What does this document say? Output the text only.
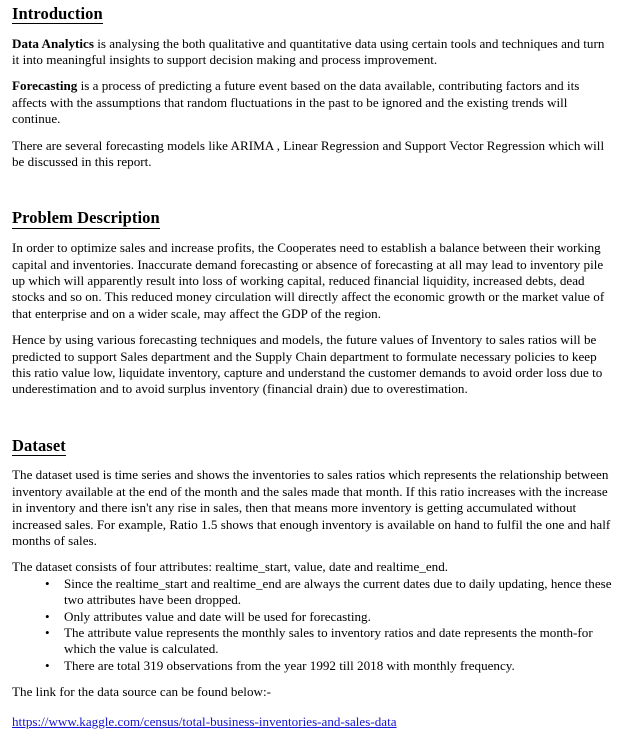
Introduction

Data Analytics is analysing the both qualitative and quantitative data using certain tools and techniques and turn it into meaningful insights to support decision making and process improvement.

Forecasting is a process of predicting a future event based on the data available, contributing factors and its affects with the assumptions that random fluctuations in the past to be ignored and the existing trends will continue.

There are several forecasting models like ARIMA , Linear Regression and Support Vector Regression which will be discussed in this report.

Problem Description

In order to optimize sales and increase profits, the Cooperates need to establish a balance between their working capital and inventories. Inaccurate demand forecasting or absence of forecasting at all may lead to inventory pile up which will apparently result into loss of working capital, reduced financial liquidity, increased debts, dead stocks and so on. This reduced money circulation will directly affect the economic growth or the market value of that enterprise and on a wider scale, may affect the GDP of the region.

Hence by using various forecasting techniques and models, the future values of Inventory to sales ratios will be predicted to support Sales department and the Supply Chain department to formulate necessary policies to keep this ratio value low, liquidate inventory, capture and understand the customer demands to avoid order loss due to underestimation and to avoid surplus inventory (financial drain) due to overestimation.

Dataset

The dataset used is time series and shows the inventories to sales ratios which represents the relationship between inventory available at the end of the month and the sales made that month. If this ratio increases with the increase in inventory and there isn't any rise in sales, then that means more inventory is getting accumulated without increased sales. For example, Ratio 1.5 shows that enough inventory is available on hand to fulfil the one and half months of sales.

The dataset consists of four attributes: realtime_start, value, date and realtime_end.

• Since the realtime_start and realtime_end are always the current dates due to daily updating, hence these two attributes have been dropped.
• Only attributes value and date will be used for forecasting.
• The attribute value represents the monthly sales to inventory ratios and date represents the month-for which the value is calculated.
• There are total 319 observations from the year 1992 till 2018 with monthly frequency.

The link for the data source can be found below:-

https://www.kaggle.com/census/total-business-inventories-and-sales-data
